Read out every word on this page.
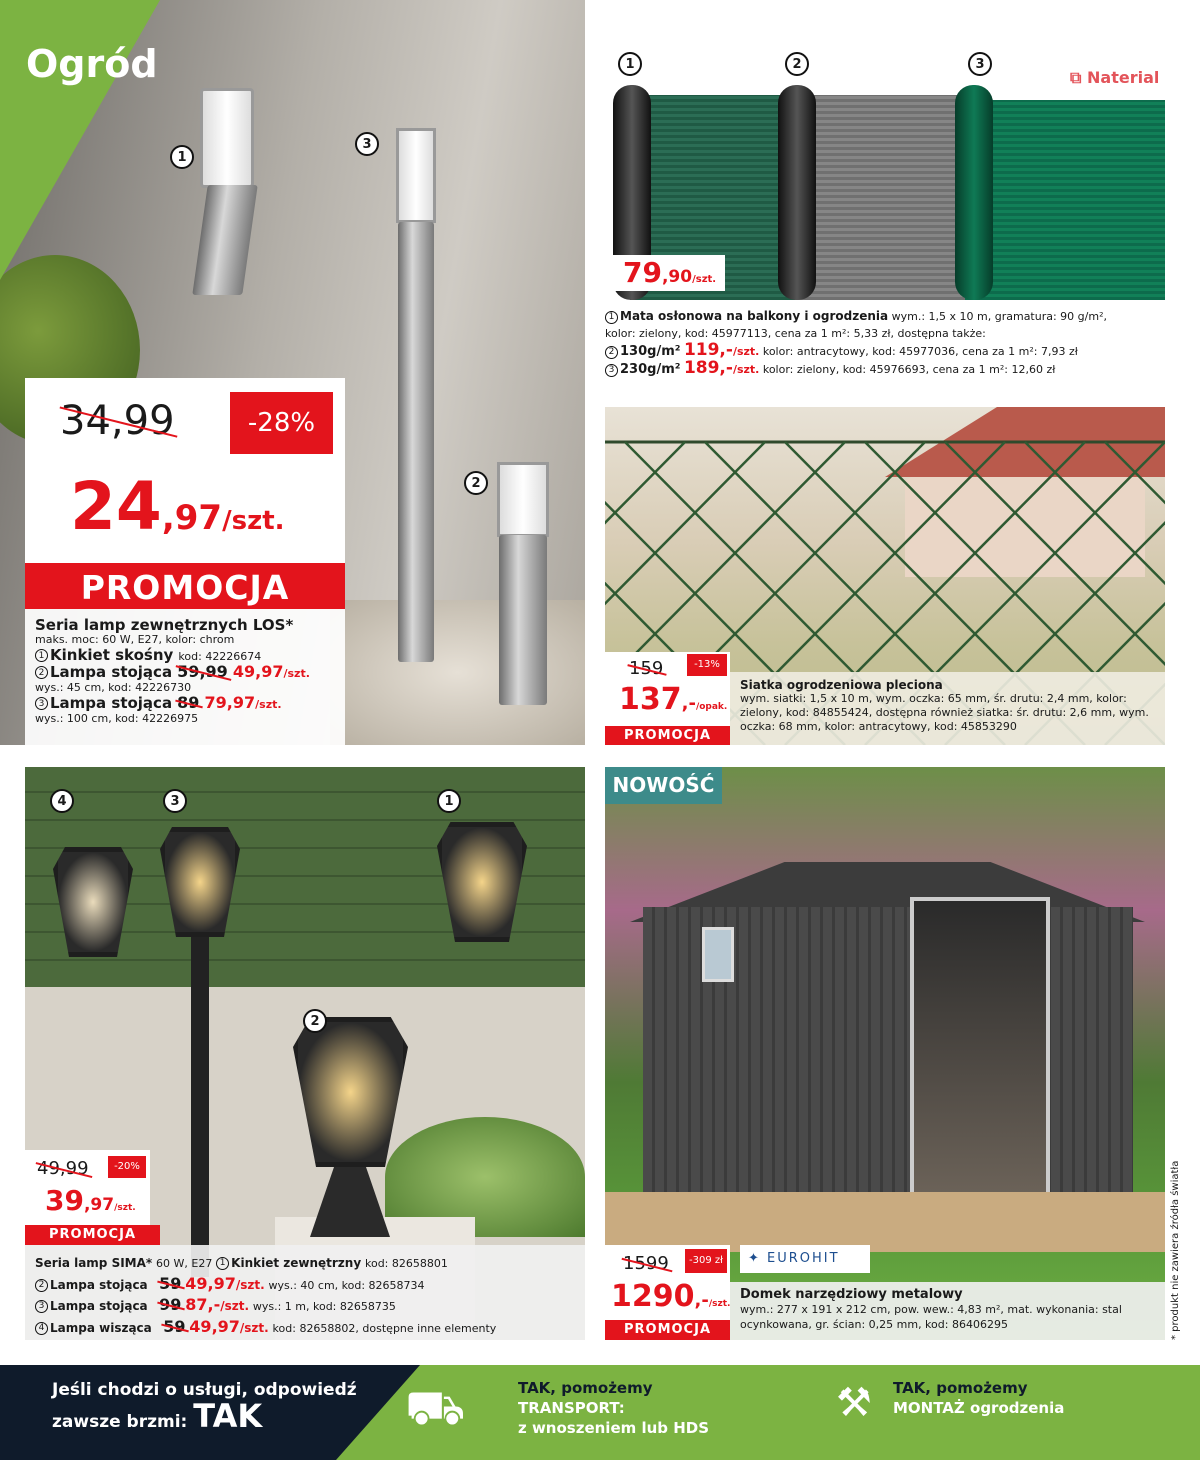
Ogród
1
3
2
34,99	-28%
24,97/szt.
PROMOCJA
Seria lamp zewnętrznych LOS*
maks. moc: 60 W, E27, kolor: chrom
1 Kinkiet skośny kod: 42226674
2 Lampa stojąca 59,99 49,97/szt.
wys.: 45 cm, kod: 42226730
3 Lampa stojąca 89 79,97/szt.
wys.: 100 cm, kod: 42226975
1	2	3
⧉ Naterial
79,90/szt.
1 Mata osłonowa na balkony i ogrodzenia wym.: 1,5 x 10 m, gramatura: 90 g/m²,
kolor: zielony, kod: 45977113, cena za 1 m²: 5,33 zł, dostępna także:
2 130g/m² 119,-/szt. kolor: antracytowy, kod: 45977036, cena za 1 m²: 7,93 zł
3 230g/m² 189,-/szt. kolor: zielony, kod: 45976693, cena za 1 m²: 12,60 zł
159	-13%
137,-/opak.
PROMOCJA
Siatka ogrodzeniowa pleciona
wym. siatki: 1,5 x 10 m, wym. oczka: 65 mm, śr. drutu: 2,4 mm, kolor: zielony, kod: 84855424, dostępna również siatka: śr. drutu: 2,6 mm, wym. oczka: 68 mm, kolor: antracytowy, kod: 45853290
4	3	1
2
49,99	-20%
39,97/szt.
PROMOCJA
Seria lamp SIMA* 60 W, E27 1 Kinkiet zewnętrzny kod: 82658801
2 Lampa stojąca 59 49,97/szt. wys.: 40 cm, kod: 82658734
3 Lampa stojąca 99 87,-/szt. wys.: 1 m, kod: 82658735
4 Lampa wisząca 59 49,97/szt. kod: 82658802, dostępne inne elementy
NOWOŚĆ
1599	-309 zł
1290,-/szt.
PROMOCJA
✦ EUROHIT
Domek narzędziowy metalowy
wym.: 277 x 191 x 212 cm, pow. wew.: 4,83 m², mat. wykonania: stal ocynkowana, gr. ścian: 0,25 mm, kod: 86406295	* produkt nie zawiera źródła światła
Jeśli chodzi o usługi, odpowiedź
zawsze brzmi: TAK	⛟	TAK, pomożemy
TRANSPORT:
z wnoszeniem lub HDS
⚒ TAK, pomożemy
MONTAŻ ogrodzenia
